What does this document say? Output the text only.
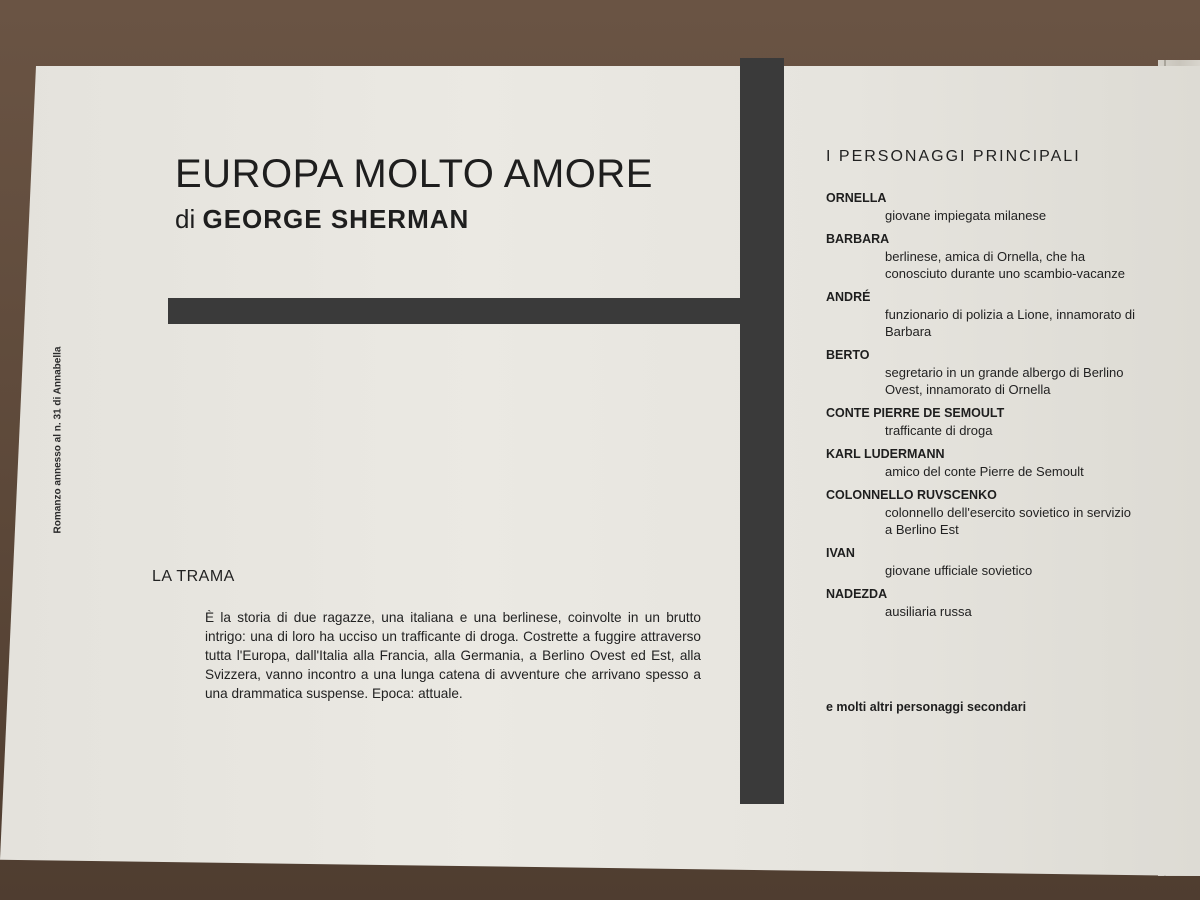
EUROPA MOLTO AMORE

di GEORGE SHERMAN

Romanzo annesso al n. 31 di Annabella
LA TRAMA

È la storia di due ragazze, una italiana e una berlinese, coinvolte in un brutto intrigo: una di loro ha ucciso un trafficante di droga. Costrette a fuggire attraverso tutta l'Europa, dall'Italia alla Francia, alla Germania, a Berlino Ovest ed Est, alla Svizzera, vanno incontro a una lunga catena di avventure che arrivano spesso a una drammatica suspense. Epoca: attuale.

I PERSONAGGI PRINCIPALI
ORNELLA
giovane impiegata milanese
BARBARA
berlinese, amica di Ornella, che ha conosciuto durante uno scambio-vacanze
ANDRÉ
funzionario di polizia a Lione, innamorato di Barbara
BERTO
segretario in un grande albergo di Berlino Ovest, innamorato di Ornella
CONTE PIERRE DE SEMOULT
trafficante di droga
KARL LUDERMANN
amico del conte Pierre de Semoult
COLONNELLO RUVSCENKO
colonnello dell'esercito sovietico in servizio a Berlino Est
IVAN
giovane ufficiale sovietico
NADEZDA
ausiliaria russa

e molti altri personaggi secondari
